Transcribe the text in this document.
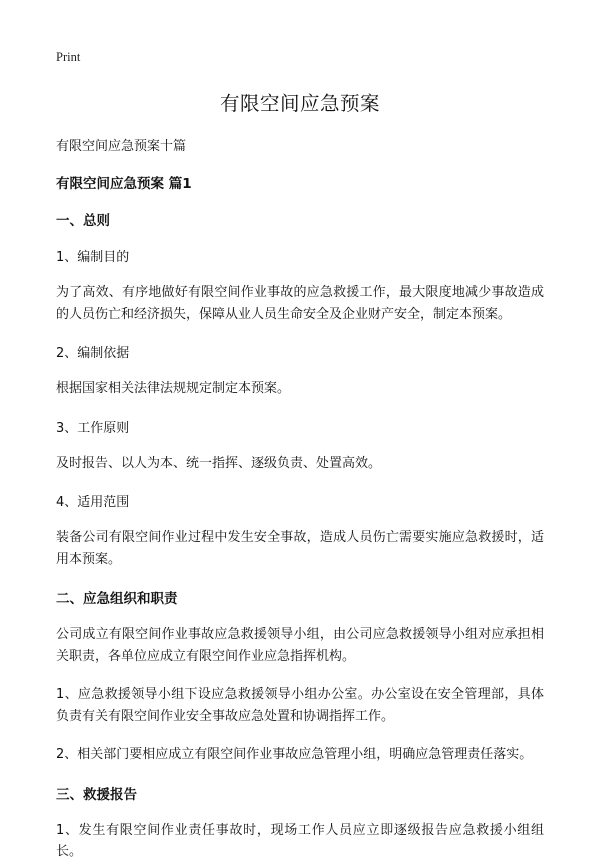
Print
有限空间应急预案
有限空间应急预案十篇
有限空间应急预案 篇1
一、总则
1、编制目的

为了高效、有序地做好有限空间作业事故的应急救援工作，最大限度地减少事故造成的人员伤亡和经济损失，保障从业人员生命安全及企业财产安全，制定本预案。

2、编制依据

根据国家相关法律法规规定制定本预案。

3、工作原则

及时报告、以人为本、统一指挥、逐级负责、处置高效。

4、适用范围

装备公司有限空间作业过程中发生安全事故，造成人员伤亡需要实施应急救援时，适用本预案。

二、应急组织和职责

公司成立有限空间作业事故应急救援领导小组，由公司应急救援领导小组对应承担相关职责，各单位应成立有限空间作业应急指挥机构。

1、应急救援领导小组下设应急救援领导小组办公室。办公室设在安全管理部，具体负责有关有限空间作业安全事故应急处置和协调指挥工作。

2、相关部门要相应成立有限空间作业事故应急管理小组，明确应急管理责任落实。

三、救援报告

1、发生有限空间作业责任事故时，现场工作人员应立即逐级报告应急救援小组组长。
